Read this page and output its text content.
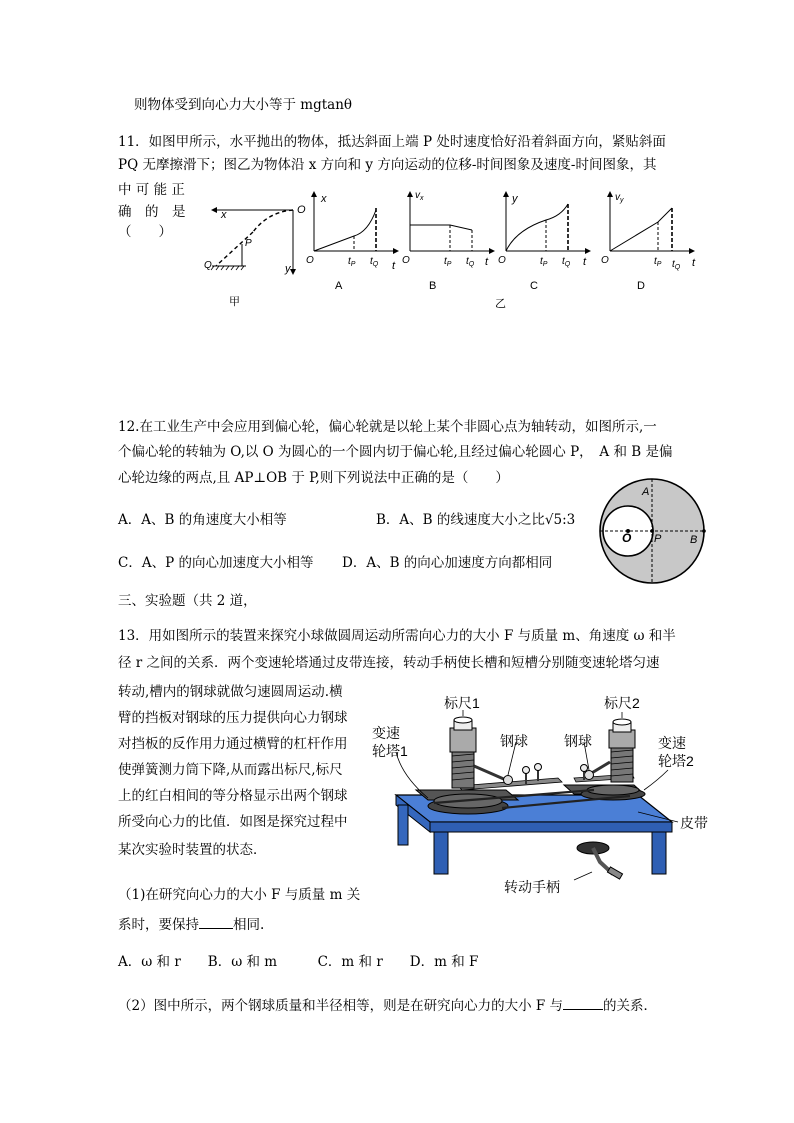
则物体受到向心力大小等于 mgtanθ
11．如图甲所示，水平抛出的物体，抵达斜面上端 P 处时速度恰好沿着斜面方向，紧贴斜面
PQ 无摩擦滑下；图乙为物体沿 x 方向和 y 方向运动的位移-时间图象及速度-时间图象，其
中 可 能 正
确　的　是
（　　）
x	O
y
P
Q
甲
x
O	$t_P$ $t_Q$ t
A
$v_x$
O	$t_P$ $t_Q$ t
B
乙
y
O	$t_P$ $t_Q$ t
C
$v_y$
O	$t_P$ $t_Q$ t
D
12.在工业生产中会应用到偏心轮，偏心轮就是以轮上某个非圆心点为轴转动，如图所示,一
个偏心轮的转轴为 O,以 O 为圆心的一个圆内切于偏心轮,且经过偏心轮圆心 P，　A 和 B 是偏
心轮边缘的两点,且 AP⊥OB 于 P,则下列说法中正确的是（　　）
A．A、B 的角速度大小相等	B．A、B 的线速度大小之比√5:3
C．A、P 的向心加速度大小相等 D．A、B 的向心加速度方向都相同
A
O P	B
三、实验题（共 2 道，
13．用如图所示的装置来探究小球做圆周运动所需向心力的大小 F 与质量 m、角速度 ω 和半
径 r 之间的关系．两个变速轮塔通过皮带连接，转动手柄使长槽和短槽分别随变速轮塔匀速
转动,槽内的钢球就做匀速圆周运动.横
臂的挡板对钢球的压力提供向心力钢球
对挡板的反作用力通过横臂的杠杆作用
使弹簧测力筒下降,从而露出标尺,标尺
上的红白相间的等分格显示出两个钢球
所受向心力的比值．如图是探究过程中
某次实验时装置的状态．
（1)在研究向心力的大小 F 与质量 m 关
系时，要保持	相同.
A．ω 和 r　　B．ω 和 m　　　C．m 和 r　　D．m 和 F
（2）图中所示，两个钢球质量和半径相等，则是在研究向心力的大小 F 与	的关系．
标尺1	标尺2
变速
轮塔1	变速
轮塔2
钢球	钢球
皮带
转动手柄
